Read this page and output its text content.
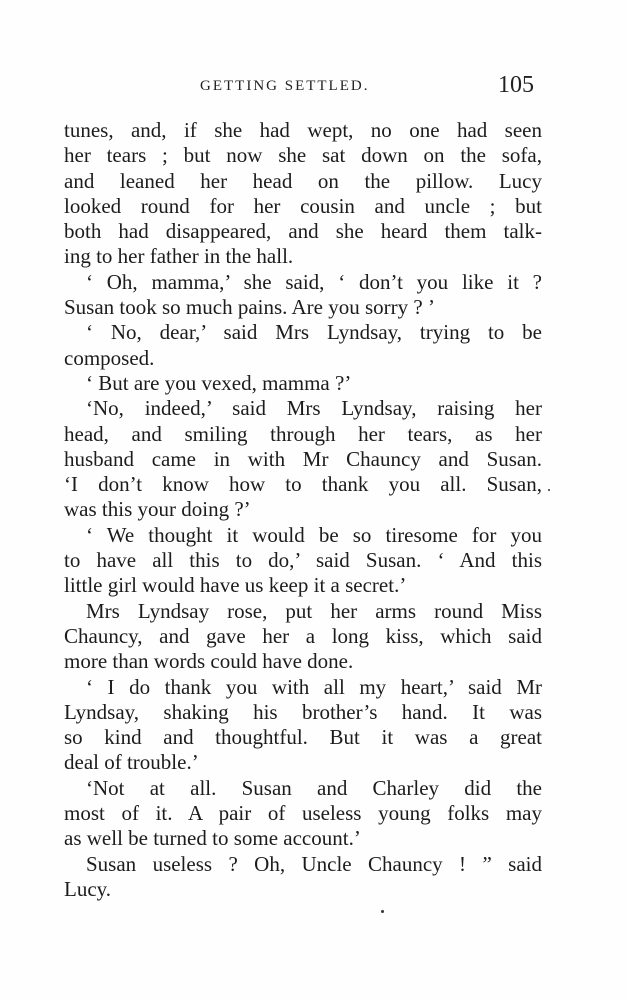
GETTING SETTLED.	105
tunes, and, if she had wept, no one had seen
her tears ; but now she sat down on the sofa,
and leaned her head on the pillow. Lucy
looked round for her cousin and uncle ; but
both had disappeared, and she heard them talk-
ing to her father in the hall.
‘ Oh, mamma,’ she said, ‘ don’t you like it ?
Susan took so much pains. Are you sorry ? ’
‘ No, dear,’ said Mrs Lyndsay, trying to be
composed.
‘ But are you vexed, mamma ?’
‘No, indeed,’ said Mrs Lyndsay, raising her
head, and smiling through her tears, as her
husband came in with Mr Chauncy and Susan.
‘I don’t know how to thank you all. Susan,
was this your doing ?’
‘ We thought it would be so tiresome for you
to have all this to do,’ said Susan. ‘ And this
little girl would have us keep it a secret.’
Mrs Lyndsay rose, put her arms round Miss
Chauncy, and gave her a long kiss, which said
more than words could have done.
‘ I do thank you with all my heart,’ said Mr
Lyndsay, shaking his brother’s hand. It was
so kind and thoughtful. But it was a great
deal of trouble.’
‘Not at all. Susan and Charley did the
most of it. A pair of useless young folks may
as well be turned to some account.’
Susan useless ? Oh, Uncle Chauncy ! ” said
Lucy.
